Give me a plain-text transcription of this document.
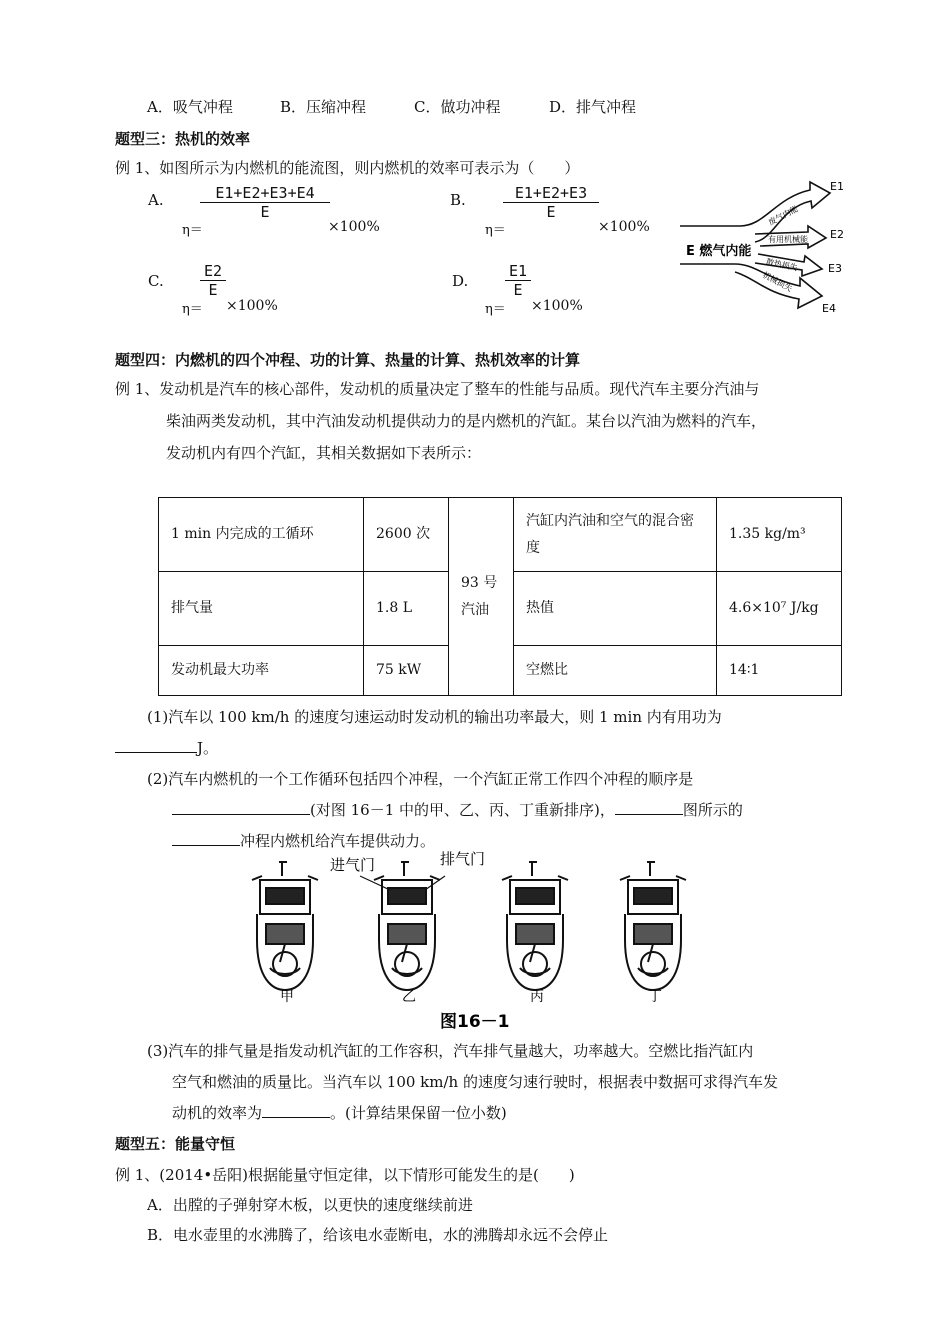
A．吸气冲程	B．压缩冲程	C．做功冲程	D．排气冲程
题型三：热机的效率
例 1、如图所示为内燃机的能流图，则内燃机的效率可表示为（　　）
A.
η＝
$\frac{E1+E2+E3+E4}{E}$
×100%
B.
η＝
$\frac{E1+E2+E3}{E}$
×100%
C.
η＝
$\frac{E2}{E}$
×100%
D.
η＝
$\frac{E1}{E}$
×100%
E 燃气内能
废气内能
有用机械能
散热损失
机械损失
E1
E2
E3
E4
题型四：内燃机的四个冲程、功的计算、热量的计算、热机效率的计算
例 1、发动机是汽车的核心部件，发动机的质量决定了整车的性能与品质。现代汽车主要分汽油与
柴油两类发动机，其中汽油发动机提供动力的是内燃机的汽缸。某台以汽油为燃料的汽车，
发动机内有四个汽缸，其相关数据如下表所示：
1 min 内完成的工循环	2600 次	93 号汽油	汽缸内汽油和空气的混合密度	1.35 kg/m³
排气量	1.8 L		热值	4.6×10⁷ J/kg
发动机最大功率	75 kW		空燃比	14∶1
(1)汽车以 100 km/h 的速度匀速运动时发动机的输出功率最大，则 1 min 内有用功为
J。
(2)汽车内燃机的一个工作循环包括四个冲程，一个汽缸正常工作四个冲程的顺序是
(对图 16－1 中的甲、乙、丙、丁重新排序)，	图所示的
冲程内燃机给汽车提供动力。
进气门	排气门
甲	乙	丙	丁
图16－1
(3)汽车的排气量是指发动机汽缸的工作容积，汽车排气量越大，功率越大。空燃比指汽缸内
空气和燃油的质量比。当汽车以 100 km/h 的速度匀速行驶时，根据表中数据可求得汽车发
动机的效率为	。(计算结果保留一位小数)
题型五：能量守恒
例 1、(2014•岳阳)根据能量守恒定律，以下情形可能发生的是(　　)
A．出膛的子弹射穿木板，以更快的速度继续前进
B．电水壶里的水沸腾了，给该电水壶断电，水的沸腾却永远不会停止
